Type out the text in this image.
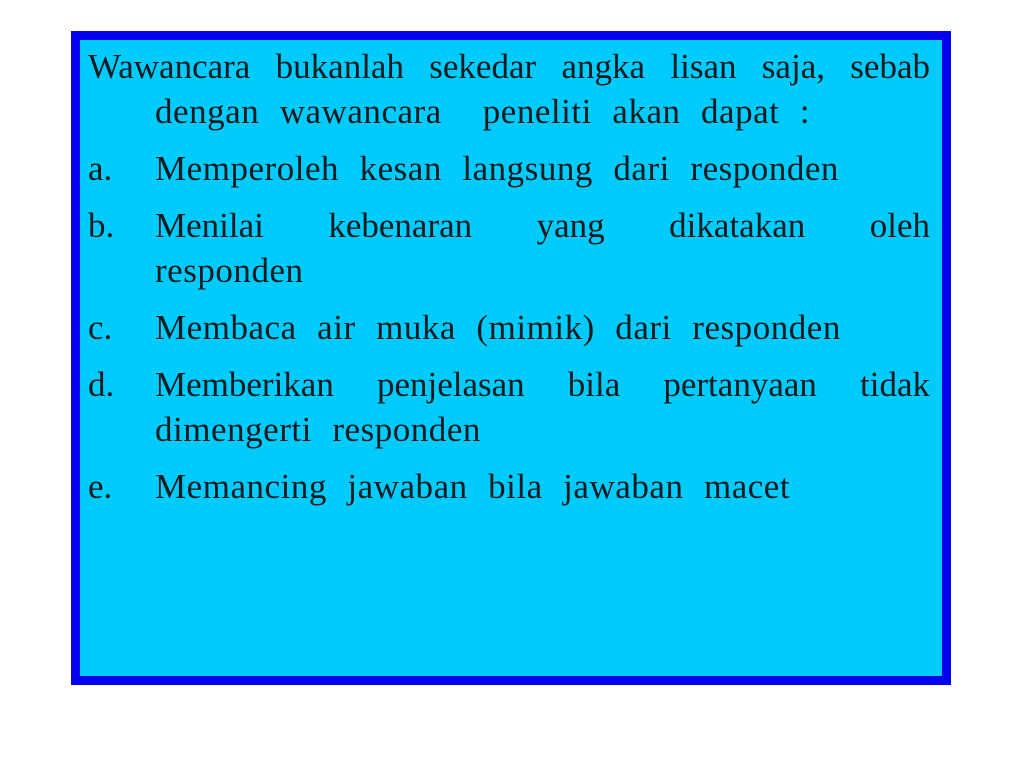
Wawancara bukanlah sekedar angka lisan saja, sebab
dengan wawancara  peneliti akan dapat :
a. Memperoleh kesan langsung dari responden
b. Menilai kebenaran yang dikatakan oleh
responden
c. Membaca air muka (mimik) dari responden
d. Memberikan penjelasan bila pertanyaan tidak
dimengerti responden
e. Memancing jawaban bila jawaban macet
